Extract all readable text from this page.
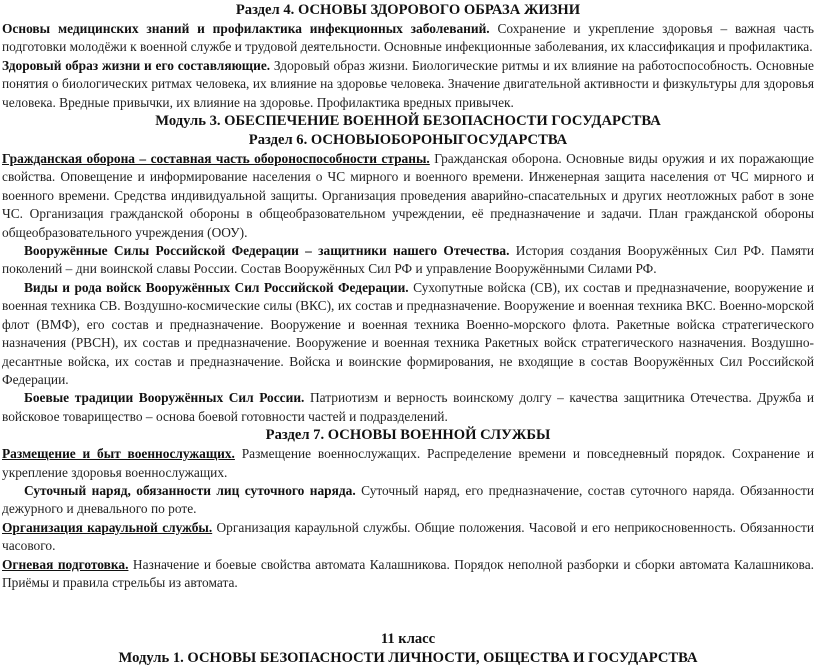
Раздел 4. ОСНОВЫ ЗДОРОВОГО ОБРАЗА ЖИЗНИ

Основы медицинских знаний и профилактика инфекционных заболеваний. Сохранение и укрепление здоровья – важная часть подготовки молодёжи к военной службе и трудовой деятельности. Основные инфекционные заболевания, их классификация и профилактика.

Здоровый образ жизни и его составляющие. Здоровый образ жизни. Биологические ритмы и их влияние на работоспособность. Основные понятия о биологических ритмах человека, их влияние на здоровье человека. Значение двигательной активности и физкультуры для здоровья человека. Вредные привычки, их влияние на здоровье. Профилактика вредных привычек.

Модуль 3. ОБЕСПЕЧЕНИЕ ВОЕННОЙ БЕЗОПАСНОСТИ ГОСУДАРСТВА
Раздел 6. ОСНОВЫОБОРОНЫГОСУДАРСТВА

Гражданская оборона – составная часть обороноспособности страны. Гражданская оборона. Основные виды оружия и их поражающие свойства. Оповещение и информирование населения о ЧС мирного и военного времени. Инженерная защита населения от ЧС мирного и военного времени. Средства индивидуальной защиты. Организация проведения аварийно-спасательных и других неотложных работ в зоне ЧС. Организация гражданской обороны в общеобразовательном учреждении, её предназначение и задачи. План гражданской обороны общеобразовательного учреждения (ООУ).

Вооружённые Силы Российской Федерации – защитники нашего Отечества. История создания Вооружённых Сил РФ. Памяти поколений – дни воинской славы России. Состав Вооружённых Сил РФ и управление Вооружёнными Силами РФ.

Виды и рода войск Вооружённых Сил Российской Федерации. Сухопутные войска (СВ), их состав и предназначение, вооружение и военная техника СВ. Воздушно-космические силы (ВКС), их состав и предназначение. Вооружение и военная техника ВКС. Военно-морской флот (ВМФ), его состав и предназначение. Вооружение и военная техника Военно-морского флота. Ракетные войска стратегического назначения (РВСН), их состав и предназначение. Вооружение и военная техника Ракетных войск стратегического назначения. Воздушно-десантные войска, их состав и предназначение. Войска и воинские формирования, не входящие в состав Вооружённых Сил Российской Федерации.

Боевые традиции Вооружённых Сил России. Патриотизм и верность воинскому долгу – качества защитника Отечества. Дружба и войсковое товарищество – основа боевой готовности частей и подразделений.

Раздел 7. ОСНОВЫ ВОЕННОЙ СЛУЖБЫ

Размещение и быт военнослужащих. Размещение военнослужащих. Распределение времени и повседневный порядок. Сохранение и укрепление здоровья военнослужащих.

Суточный наряд, обязанности лиц суточного наряда. Суточный наряд, его предназначение, состав суточного наряда. Обязанности дежурного и дневального по роте.

Организация караульной службы. Организация караульной службы. Общие положения. Часовой и его неприкосновенность. Обязанности часового.

Огневая подготовка. Назначение и боевые свойства автомата Калашникова. Порядок неполной разборки и сборки автомата Калашникова. Приёмы и правила стрельбы из автомата.

11 класс
Модуль 1. ОСНОВЫ БЕЗОПАСНОСТИ ЛИЧНОСТИ, ОБЩЕСТВА И ГОСУДАРСТВА
